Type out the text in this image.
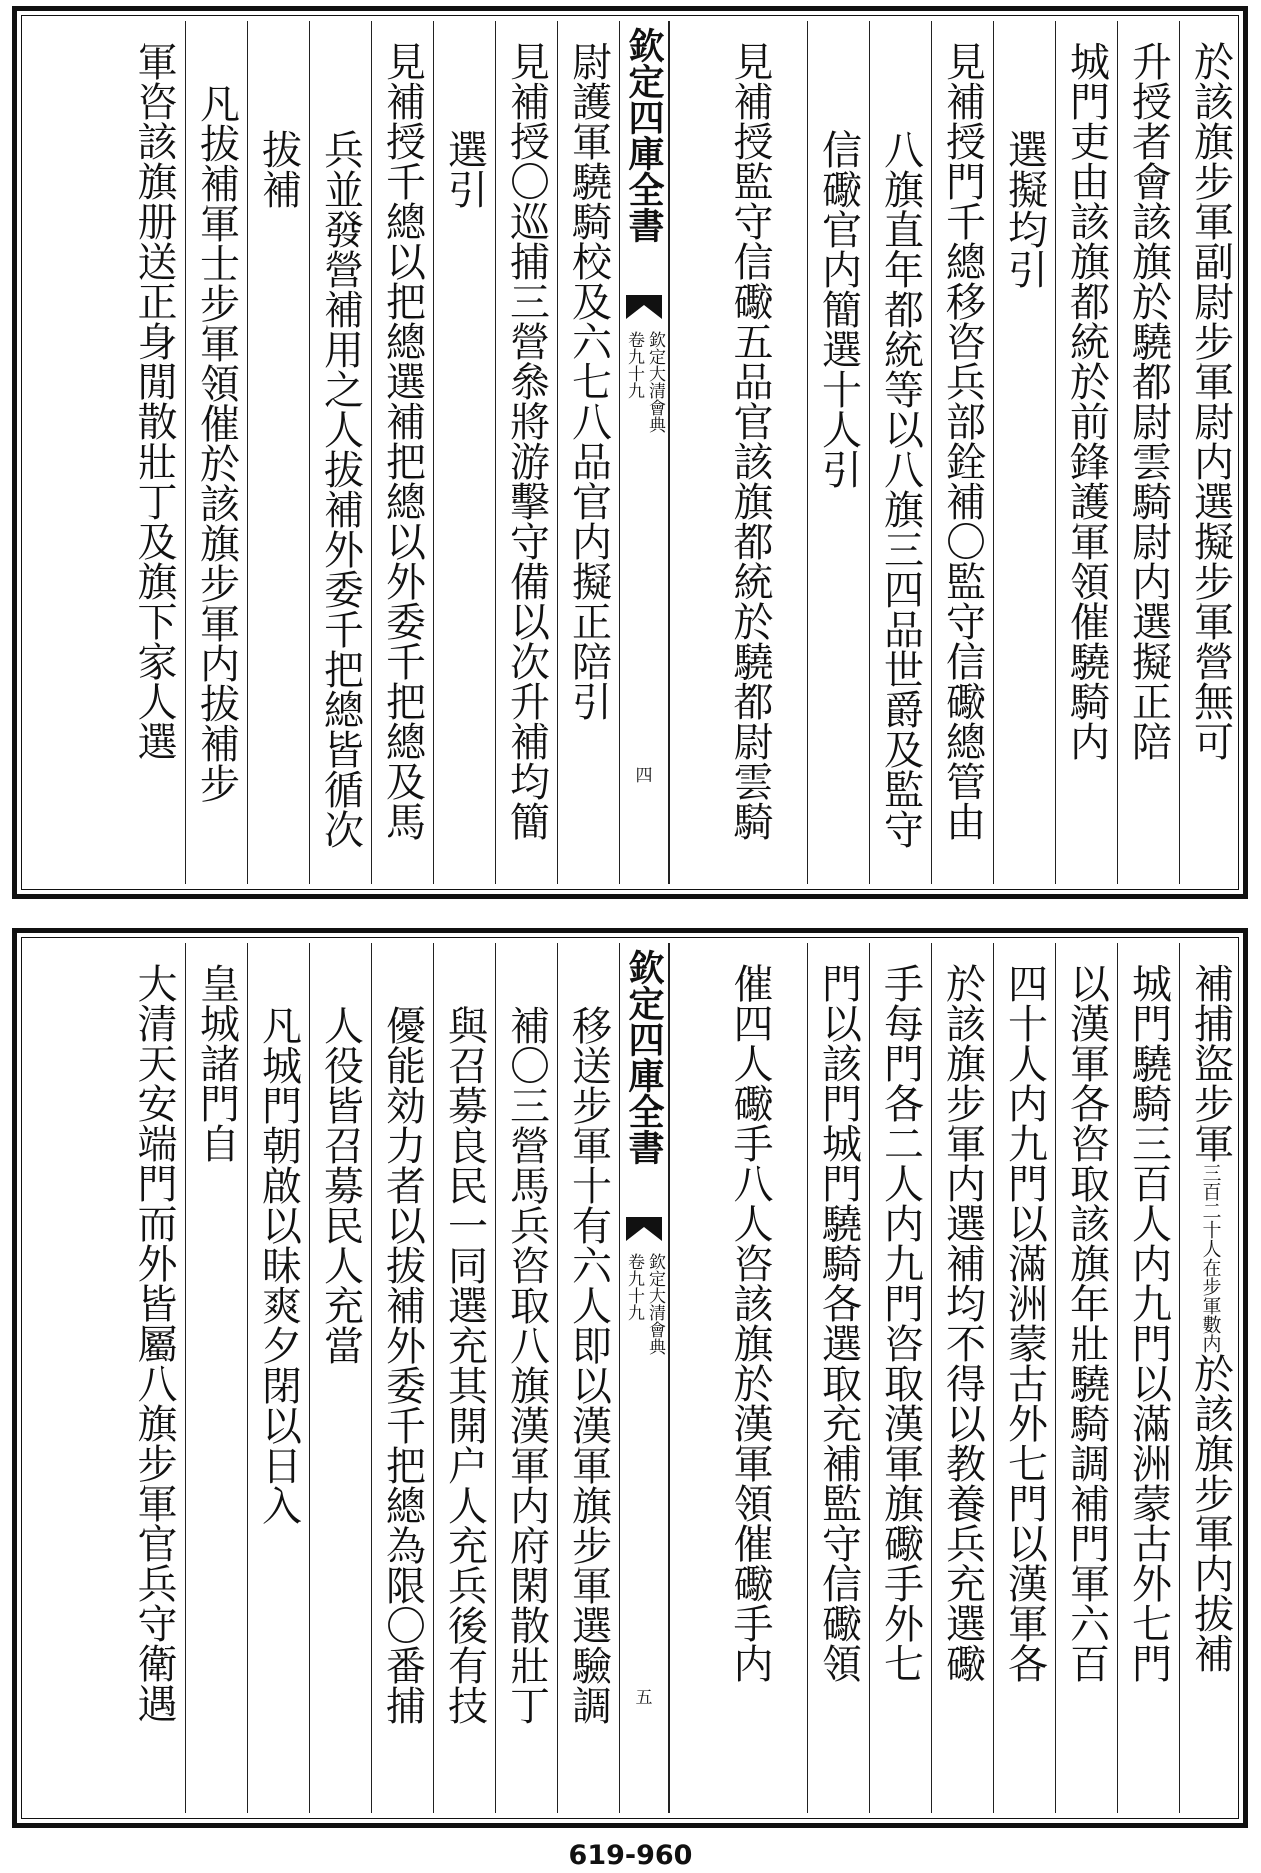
尉護軍驍騎校及六七八品官内擬正陪引
見補授〇巡捕三營叅將游擊守備以次升補均簡
選引
見補授千總以把總選補把總以外委千把總及馬
兵並發營補用之人拔補外委千把總皆循次
拔補
凡拔補軍士步軍領催於該旗步軍内拔補步
軍咨該旗册送正身閒散壯丁及旗下家人選	欽定四庫全書
欽定大清會典
卷九十九
四
於該旗步軍副尉步軍尉内選擬步軍營無可
升授者會該旗於驍都尉雲騎尉内選擬正陪
城門吏由該旗都統於前鋒護軍領催驍騎内
選擬均引
見補授門千總移咨兵部銓補〇監守信礮總管由
八旗直年都統等以八旗三四品世爵及監守
信礮官内簡選十人引
見補授監守信礮五品官該旗都統於驍都尉雲騎
移送步軍十有六人即以漢軍旗步軍選驗調
補〇三營馬兵咨取八旗漢軍内府閑散壯丁
與召募良民一同選充其開户人充兵後有技
優能効力者以拔補外委千把總為限〇番捕
人役皆召募民人充當
凡城門朝啟以昧爽夕閉以日入
皇城諸門自
大清天安端門而外皆屬八旗步軍官兵守衛遇	欽定四庫全書
欽定大清會典
卷九十九
五
補捕盜步軍三百二十人在步軍數内於該旗步軍内拔補
城門驍騎三百人内九門以滿洲蒙古外七門
以漢軍各咨取該旗年壯驍騎調補門軍六百
四十人内九門以滿洲蒙古外七門以漢軍各
於該旗步軍内選補均不得以教養兵充選礮
手每門各二人内九門咨取漢軍旗礮手外七
門以該門城門驍騎各選取充補監守信礮領
催四人礮手八人咨該旗於漢軍領催礮手内
619-960
